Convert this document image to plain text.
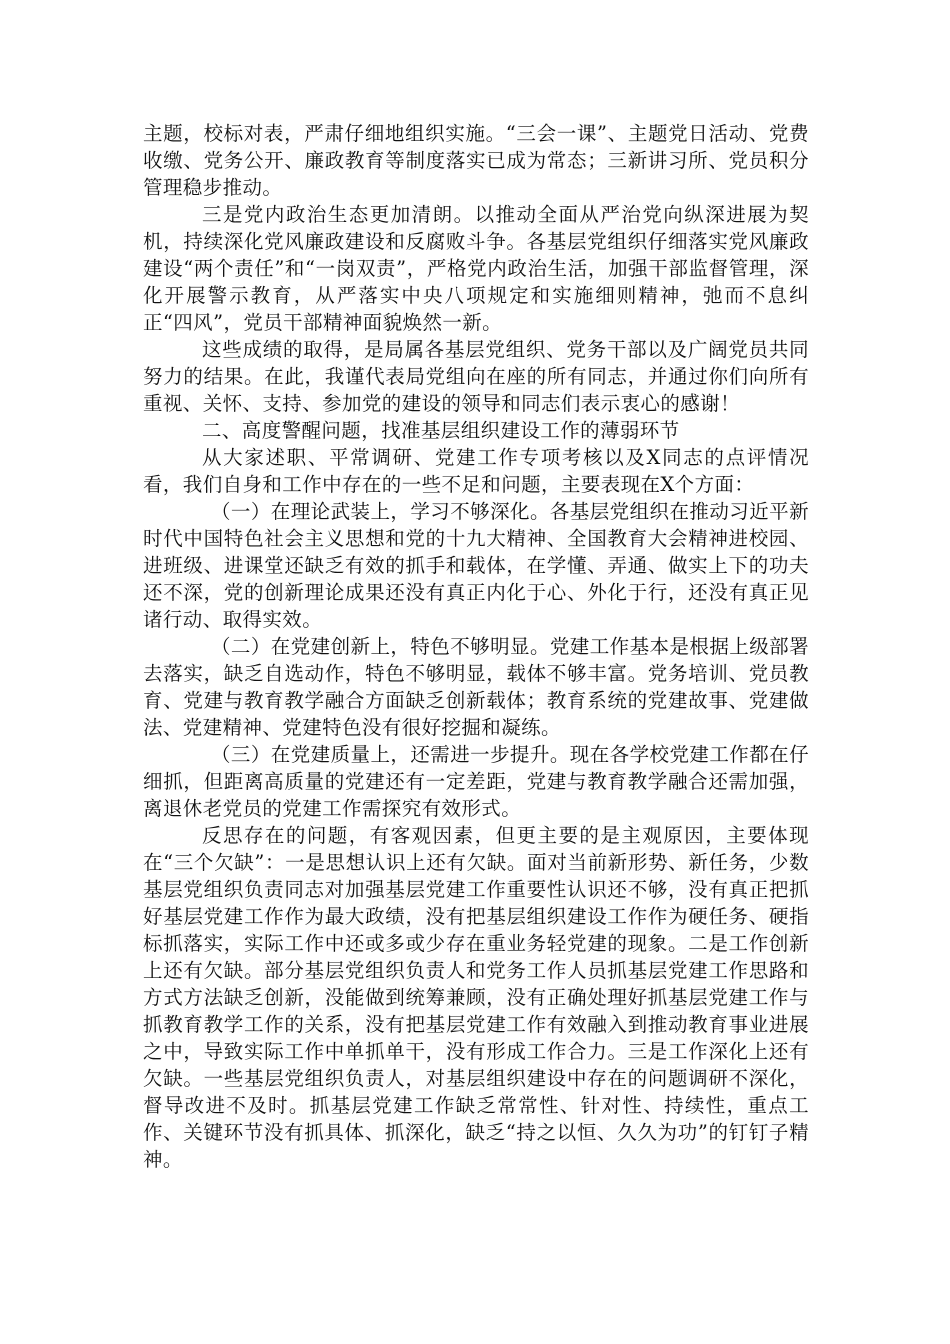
主题，校标对表，严肃仔细地组织实施。“三会一课”、主题党日活动、党费收缴、党务公开、廉政教育等制度落实已成为常态；三新讲习所、党员积分管理稳步推动。

三是党内政治生态更加清朗。以推动全面从严治党向纵深进展为契机，持续深化党风廉政建设和反腐败斗争。各基层党组织仔细落实党风廉政建设“两个责任”和“一岗双责”，严格党内政治生活，加强干部监督管理，深化开展警示教育，从严落实中央八项规定和实施细则精神，弛而不息纠正“四风”，党员干部精神面貌焕然一新。

这些成绩的取得，是局属各基层党组织、党务干部以及广阔党员共同努力的结果。在此，我谨代表局党组向在座的所有同志，并通过你们向所有重视、关怀、支持、参加党的建设的领导和同志们表示衷心的感谢！

二、高度警醒问题，找准基层组织建设工作的薄弱环节

从大家述职、平常调研、党建工作专项考核以及X同志的点评情况看，我们自身和工作中存在的一些不足和问题，主要表现在X个方面：

（一）在理论武装上，学习不够深化。各基层党组织在推动习近平新时代中国特色社会主义思想和党的十九大精神、全国教育大会精神进校园、进班级、进课堂还缺乏有效的抓手和载体，在学懂、弄通、做实上下的功夫还不深，党的创新理论成果还没有真正内化于心、外化于行，还没有真正见诸行动、取得实效。

（二）在党建创新上，特色不够明显。党建工作基本是根据上级部署去落实，缺乏自选动作，特色不够明显，载体不够丰富。党务培训、党员教育、党建与教育教学融合方面缺乏创新载体；教育系统的党建故事、党建做法、党建精神、党建特色没有很好挖掘和凝练。

（三）在党建质量上，还需进一步提升。现在各学校党建工作都在仔细抓，但距离高质量的党建还有一定差距，党建与教育教学融合还需加强，离退休老党员的党建工作需探究有效形式。

反思存在的问题，有客观因素，但更主要的是主观原因，主要体现在“三个欠缺”：一是思想认识上还有欠缺。面对当前新形势、新任务，少数基层党组织负责同志对加强基层党建工作重要性认识还不够，没有真正把抓好基层党建工作作为最大政绩，没有把基层组织建设工作作为硬任务、硬指标抓落实，实际工作中还或多或少存在重业务轻党建的现象。二是工作创新上还有欠缺。部分基层党组织负责人和党务工作人员抓基层党建工作思路和方式方法缺乏创新，没能做到统筹兼顾，没有正确处理好抓基层党建工作与抓教育教学工作的关系，没有把基层党建工作有效融入到推动教育事业进展之中，导致实际工作中单抓单干，没有形成工作合力。三是工作深化上还有欠缺。一些基层党组织负责人，对基层组织建设中存在的问题调研不深化，督导改进不及时。抓基层党建工作缺乏常常性、针对性、持续性，重点工作、关键环节没有抓具体、抓深化，缺乏“持之以恒、久久为功”的钉钉子精神。
